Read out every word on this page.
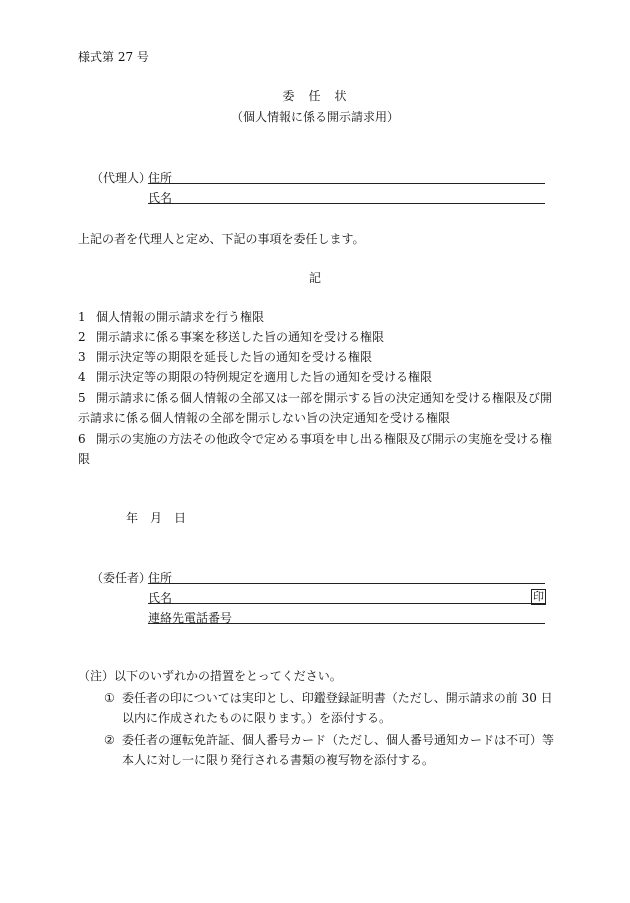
様式第 27 号
委　任　状
（個人情報に係る開示請求用）
（代理人）
住所
氏名
上記の者を代理人と定め、下記の事項を委任します。
記
1 個人情報の開示請求を行う権限
2 開示請求に係る事案を移送した旨の通知を受ける権限
3 開示決定等の期限を延長した旨の通知を受ける権限
4 開示決定等の期限の特例規定を適用した旨の通知を受ける権限
5 開示請求に係る個人情報の全部又は一部を開示する旨の決定通知を受ける権限及び開示請求に係る個人情報の全部を開示しない旨の決定通知を受ける権限
6 開示の実施の方法その他政令で定める事項を申し出る権限及び開示の実施を受ける権限
年　月　日
（委任者）
住所
氏名	印
連絡先電話番号
（注） 以下のいずれかの措置をとってください。
① 委任者の印については実印とし、印鑑登録証明書（ただし、開示請求の前 30 日以内に作成されたものに限ります。）を添付する。
② 委任者の運転免許証、個人番号カード（ただし、個人番号通知カードは不可）等本人に対し一に限り発行される書類の複写物を添付する。
